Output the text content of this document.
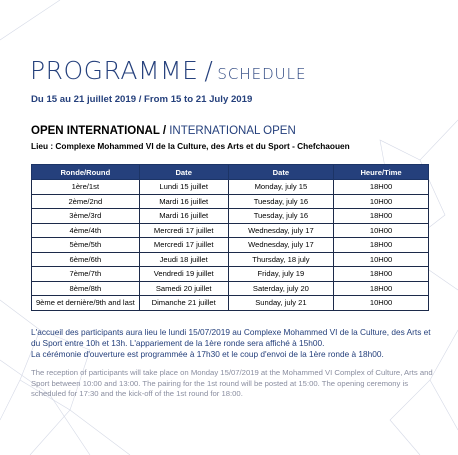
PROGRAMME / SCHEDULE
Du 15 au 21 juillet 2019 / From 15 to 21 July 2019
OPEN INTERNATIONAL / INTERNATIONAL OPEN
Lieu : Complexe Mohammed VI de la Culture, des Arts et du Sport - Chefchaouen
Ronde/Round	Date	Date	Heure/Time
1ère/1st	Lundi 15 juillet	Monday, july 15	18H00
2ème/2nd	Mardi 16 juillet	Tuesday, july 16	10H00
3ème/3rd	Mardi 16 juillet	Tuesday, july 16	18H00
4ème/4th	Mercredi 17 juillet	Wednesday, july 17	10H00
5ème/5th	Mercredi 17 juillet	Wednesday, july 17	18H00
6ème/6th	Jeudi 18 juillet	Thursday, 18 july	10H00
7ème/7th	Vendredi 19 juillet	Friday, july 19	18H00
8ème/8th	Samedi 20 juillet	Saterday, july 20	18H00
9ème et dernière/9th and last	Dimanche 21 juillet	Sunday, july 21	10H00
L'accueil des participants aura lieu le lundi 15/07/2019 au Complexe Mohammed VI de la Culture, des Arts et du Sport entre 10h et 13h. L'appariement de la 1ère ronde sera affiché à 15h00.
La cérémonie d'ouverture est programmée à 17h30 et le coup d'envoi de la 1ère ronde à 18h00.
The reception of participants will take place on Monday 15/07/2019 at the Mohammed VI Complex of Culture, Arts and Sport between 10:00 and 13:00. The pairing for the 1st round will be posted at 15:00. The opening ceremony is scheduled for 17:30 and the kick-off of the 1st round for 18:00.
